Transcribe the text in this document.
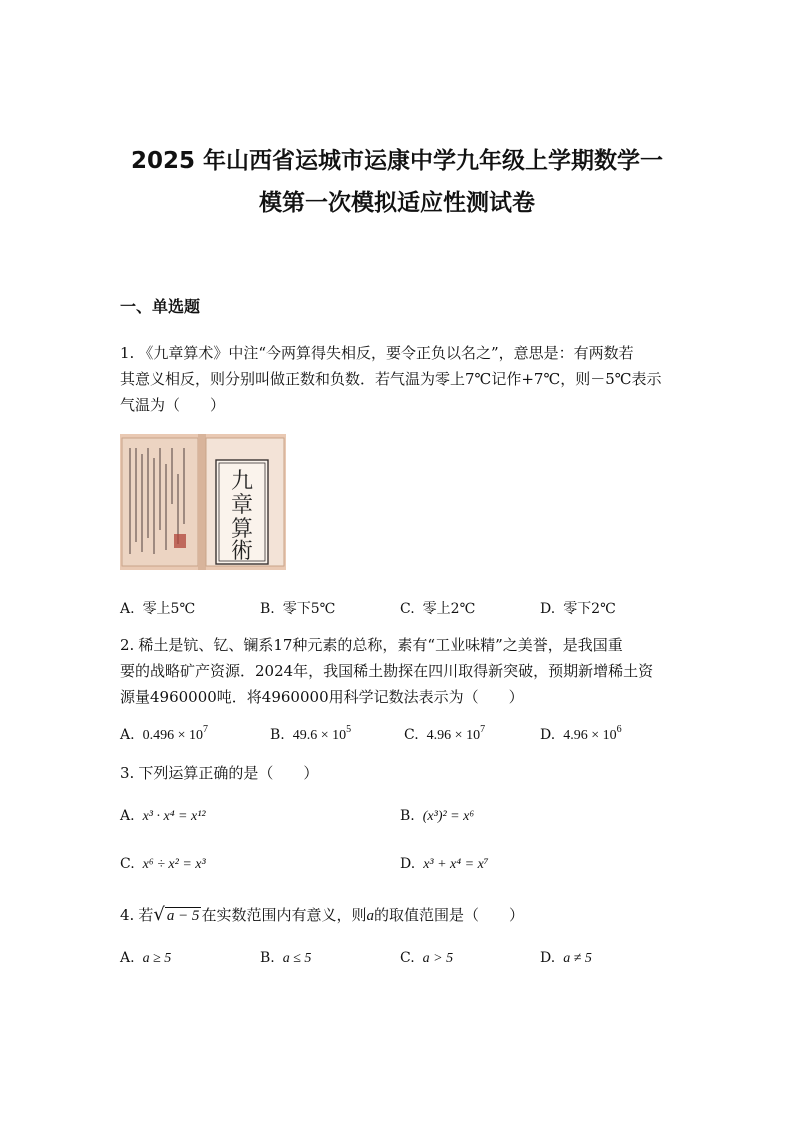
2025 年山西省运城市运康中学九年级上学期数学一
模第一次模拟适应性测试卷
一、单选题
1. 《九章算术》中注“今两算得失相反，要令正负以名之”，意思是：有两数若
其意义相反，则分别叫做正数和负数．若气温为零上7℃记作+7℃，则－5℃表示
气温为（　　）
九
章
算
術
A. 零上5℃	B. 零下5℃	C. 零上2℃	D. 零下2℃
2. 稀土是钪、钇、镧系17种元素的总称，素有“工业味精”之美誉，是我国重
要的战略矿产资源．2024年，我国稀土勘探在四川取得新突破，预期新增稀土资
源量4960000吨．将4960000用科学记数法表示为（　　）
A. $0.496 \times 10^7$	B. $49.6 \times 10^5$	C. $4.96 \times 10^7$	D. $4.96 \times 10^6$
3. 下列运算正确的是（　　）
A. x³ · x⁴ = x¹²	B. (x³)² = x⁶
C. x⁶ ÷ x² = x³	D. x³ + x⁴ = x⁷
4. 若√ a − 5 在实数范围内有意义，则a的取值范围是（　　）
A. a ≥ 5	B. a ≤ 5	C. a > 5	D. a ≠ 5
